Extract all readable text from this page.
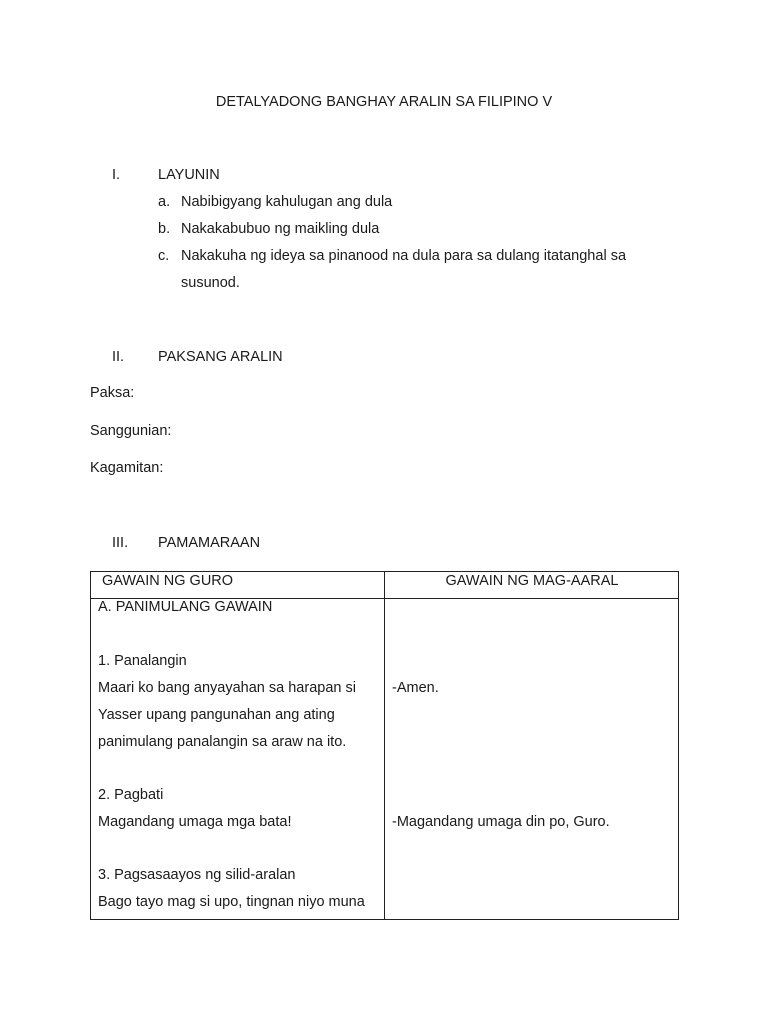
DETALYADONG BANGHAY ARALIN SA FILIPINO V
I.	LAYUNIN
a. Nabibigyang kahulugan ang dula
b. Nakakabubuo ng maikling dula
c. Nakakuha ng ideya sa pinanood na dula para sa dulang itatanghal sa
susunod.
II. PAKSANG ARALIN
Paksa:
Sanggunian:
Kagamitan:
III. PAMAMARAAN
GAWAIN NG GURO	GAWAIN NG MAG-AARAL
A. PANIMULANG GAWAIN
1. Panalangin
Maari ko bang anyayahan sa harapan si
Yasser upang pangunahan ang ating
panimulang panalangin sa araw na ito.
2. Pagbati
Magandang umaga mga bata!
3. Pagsasaayos ng silid-aralan
Bago tayo mag si upo, tingnan niyo muna
-Amen.
-Magandang umaga din po, Guro.
